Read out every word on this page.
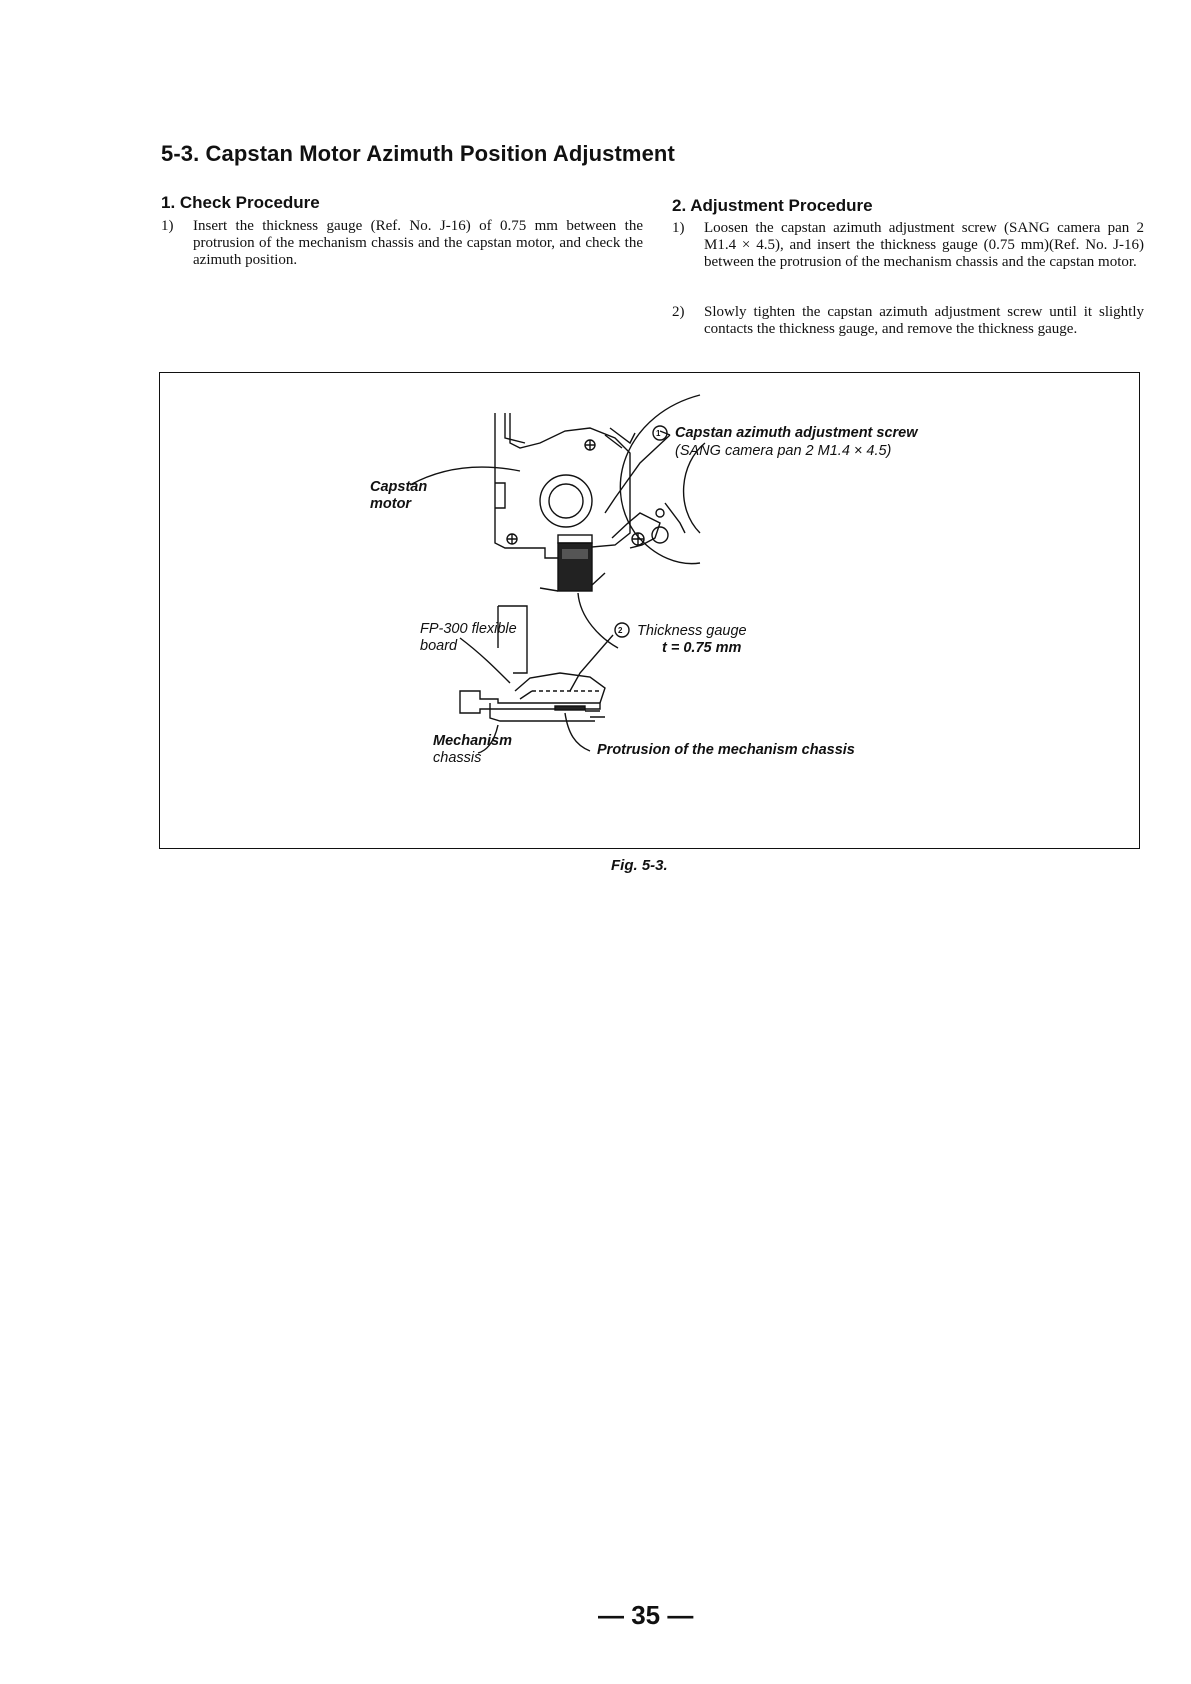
5-3. Capstan Motor Azimuth Position Adjustment
1. Check Procedure
1) Insert the thickness gauge (Ref. No. J-16) of 0.75 mm between the protrusion of the mechanism chassis and the capstan motor, and check the azimuth position.
2. Adjustment Procedure
1) Loosen the capstan azimuth adjustment screw (SANG camera pan 2 M1.4 × 4.5), and insert the thickness gauge (0.75 mm)(Ref. No. J-16) between the protrusion of the mechanism chassis and the capstan motor.
2) Slowly tighten the capstan azimuth adjustment screw until it slightly contacts the thickness gauge, and remove the thickness gauge.

Capstan
motor

1 Capstan azimuth adjustment screw

(SANG camera pan 2 M1.4 × 4.5)

FP-300 flexible
board

2 Thickness gauge

t = 0.75 mm

Mechanism
chassis	Protrusion of the mechanism chassis

Fig. 5-3.

— 35 —
